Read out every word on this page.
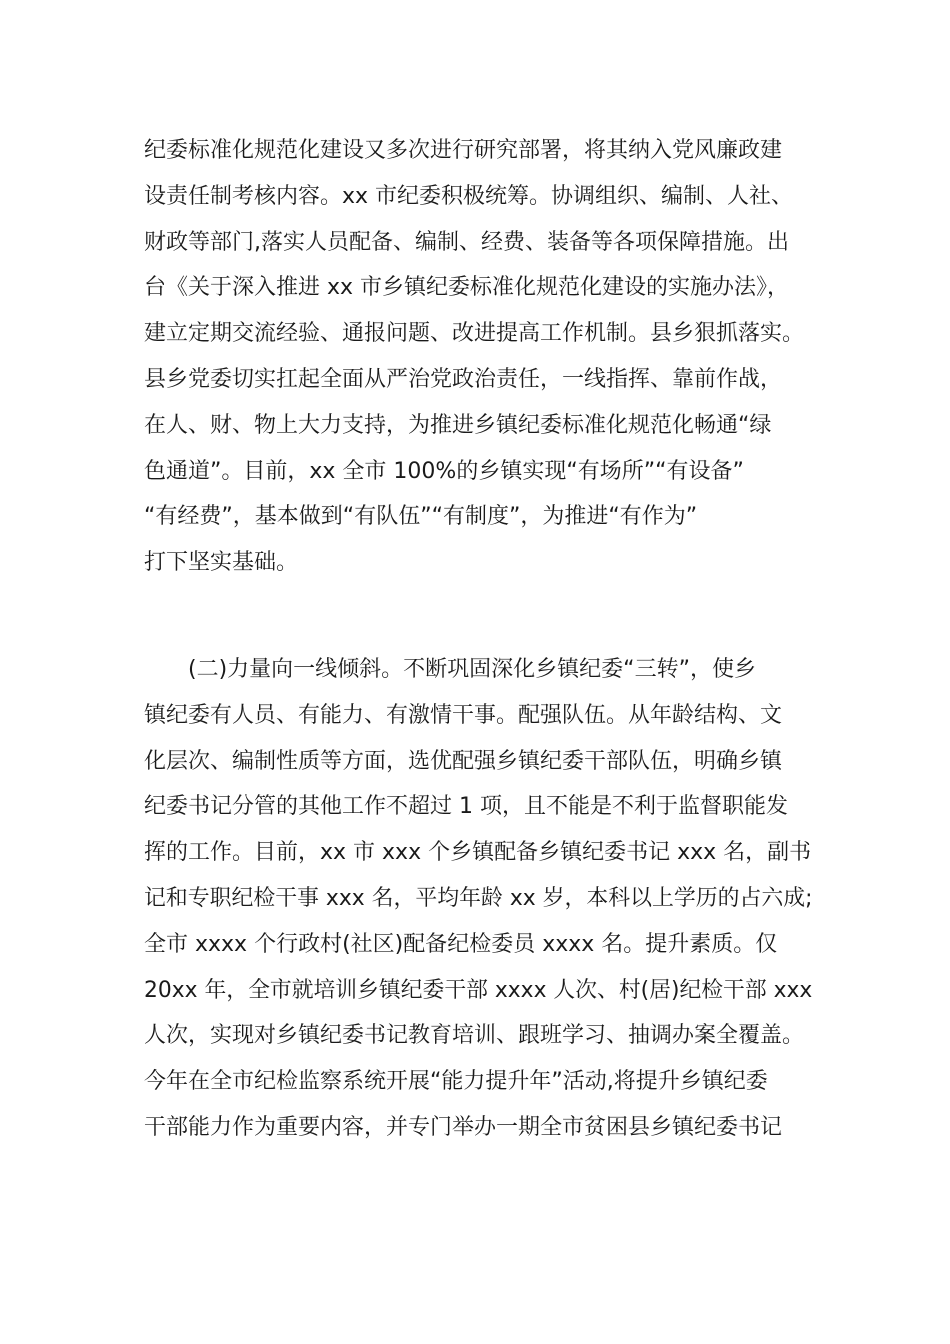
纪委标准化规范化建设又多次进行研究部署，将其纳入党风廉政建
设责任制考核内容。xx 市纪委积极统筹。协调组织、编制、人社、
财政等部门,落实人员配备、编制、经费、装备等各项保障措施。出
台《关于深入推进 xx 市乡镇纪委标准化规范化建设的实施办法》，
建立定期交流经验、通报问题、改进提高工作机制。县乡狠抓落实。
县乡党委切实扛起全面从严治党政治责任，一线指挥、靠前作战，
在人、财、物上大力支持，为推进乡镇纪委标准化规范化畅通“绿
色通道”。目前，xx 全市 100%的乡镇实现“有场所”“有设备”
“有经费”，基本做到“有队伍”“有制度”，为推进“有作为”
打下坚实基础。
(二)力量向一线倾斜。不断巩固深化乡镇纪委“三转”，使乡
镇纪委有人员、有能力、有激情干事。配强队伍。从年龄结构、文
化层次、编制性质等方面，选优配强乡镇纪委干部队伍，明确乡镇
纪委书记分管的其他工作不超过 1 项，且不能是不利于监督职能发
挥的工作。目前，xx 市 xxx 个乡镇配备乡镇纪委书记 xxx 名，副书
记和专职纪检干事 xxx 名，平均年龄 xx 岁，本科以上学历的占六成;
全市 xxxx 个行政村(社区)配备纪检委员 xxxx 名。提升素质。仅
20xx 年，全市就培训乡镇纪委干部 xxxx 人次、村(居)纪检干部 xxx
人次，实现对乡镇纪委书记教育培训、跟班学习、抽调办案全覆盖。
今年在全市纪检监察系统开展“能力提升年”活动,将提升乡镇纪委
干部能力作为重要内容，并专门举办一期全市贫困县乡镇纪委书记
